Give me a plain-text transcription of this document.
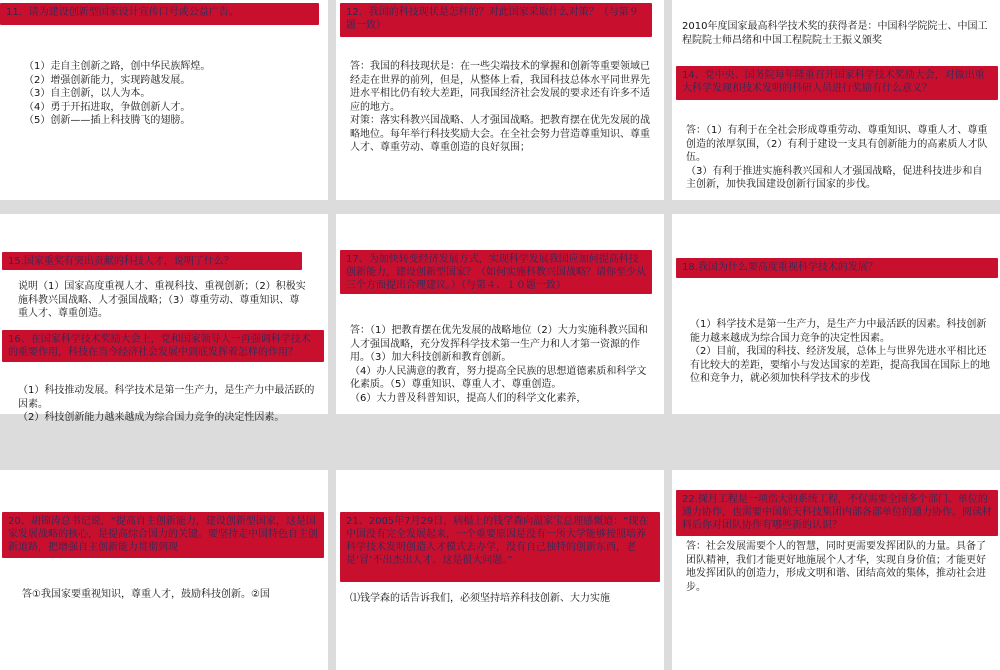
11．请为建设创新型国家设计宣传口号或公益广告。
（1）走自主创新之路，创中华民族辉煌。
（2）增强创新能力，实现跨越发展。
（3）自主创新，以人为本。
（4）勇于开拓进取，争做创新人才。
（5）创新——插上科技腾飞的翅膀。
12．我国的科技现状是怎样的？对此国家采取什么对策？（与第９题一致）
答：我国的科技现状是：在一些尖端技术的掌握和创新等重要领域已经走在世界的前列，但是，从整体上看，我国科技总体水平同世界先进水平相比仍有较大差距，同我国经济社会发展的要求还有许多不适应的地方。
对策：落实科教兴国战略、人才强国战略。把教育摆在优先发展的战略地位。每年举行科技奖励大会。在全社会努力营造尊重知识、尊重人才、尊重劳动、尊重创造的良好氛围；
2010年度国家最高科学技术奖的获得者是：中国科学院院士、中国工程院院士师昌绪和中国工程院院士王振义颁奖
14、党中央、国务院每年隆重召开国家科学技术奖励大会，对做出重大科学发现和技术发明的科研人员进行奖励有什么意义？
答：（1）有利于在全社会形成尊重劳动、尊重知识、尊重人才、尊重创造的浓厚氛围，（2）有利于建设一支具有创新能力的高素质人才队伍。
（3）有利于推进实施科教兴国和人才强国战略，促进科技进步和自主创新，加快我国建设创新行国家的步伐。
15.国家重奖有突出贡献的科技人才，说明了什么？
说明（1）国家高度重视人才、重视科技、重视创新；（2）积极实施科教兴国战略、人才强国战略；（3）尊重劳动、尊重知识、尊重人才、尊重创造。
16、在国家科学技术奖励大会上，党和国家领导人一再强调科学技术的重要作用，科技在当今经济社会发展中到底发挥着怎样的作用？
（1）科技推动发展。科学技术是第一生产力，是生产力中最活跃的因素。
（2）科技创新能力越来越成为综合国力竞争的决定性因素。
17、为加快转变经济发展方式，实现科学发展我国应加何提高科技创新能力，建设创新型国家？（如何实施科教兴国战略？请你至少从三个方面提出合理建议。）（与第４、１０题一致）
答：（1）把教育摆在优先发展的战略地位（2）大力实施科教兴国和人才强国战略，充分发挥科学技术第一生产力和人才第一资源的作用。（3）加大科技创新和教育创新。
（4）办人民满意的教育，努力提高全民族的思想道德素质和科学文化素质。（5）尊重知识、尊重人才、尊重创造。
（6）大力普及科普知识，提高人们的科学文化素养，
18.我国为什么要高度重视科学技术的发展？
（1）科学技术是第一生产力，是生产力中最活跃的因素。科技创新能力越来越成为综合国力竞争的决定性因素。
（2）目前，我国的科技、经济发展，总体上与世界先进水平相比还有比较大的差距，要缩小与发达国家的差距，提高我国在国际上的地位和竞争力，就必须加快科学技术的步伐
20、胡锦涛总书记说，“提高自主创新能力，建设创新型国家，这是国家发展战略的核心，是提高综合国力的关键。要坚持走中国特色自主创新道路，把增强自主创新能力贯彻到现
答①我国家要重视知识，尊重人才，鼓励科技创新。②国
21、2005年7月29日，病榻上的钱学森向温家宝总理感慨道：“现在中国没有完全发展起来，一个重要原因是没有一所大学能够按照培养科学技术发明创造人才模式去办学，没有自己独特的创新东西，老是‘冒’不出杰出人才。这是很大问题。”
⑴钱学森的话告诉我们，必须坚持培养科技创新、大力实施
22.探月工程是一项浩大的系统工程，不仅需要全国多个部门、单位的通力协作，也需要中国航天科技集团内部各部单位的通力协作。阅读材料后你对团队协作有哪些新的认识？
答：社会发展需要个人的智慧，同时更需要发挥团队的力量。具备了团队精神，我们才能更好地施展个人才华，实现自身价值；才能更好地发挥团队的创造力，形成文明和谐、团结高效的集体，推动社会进步。
